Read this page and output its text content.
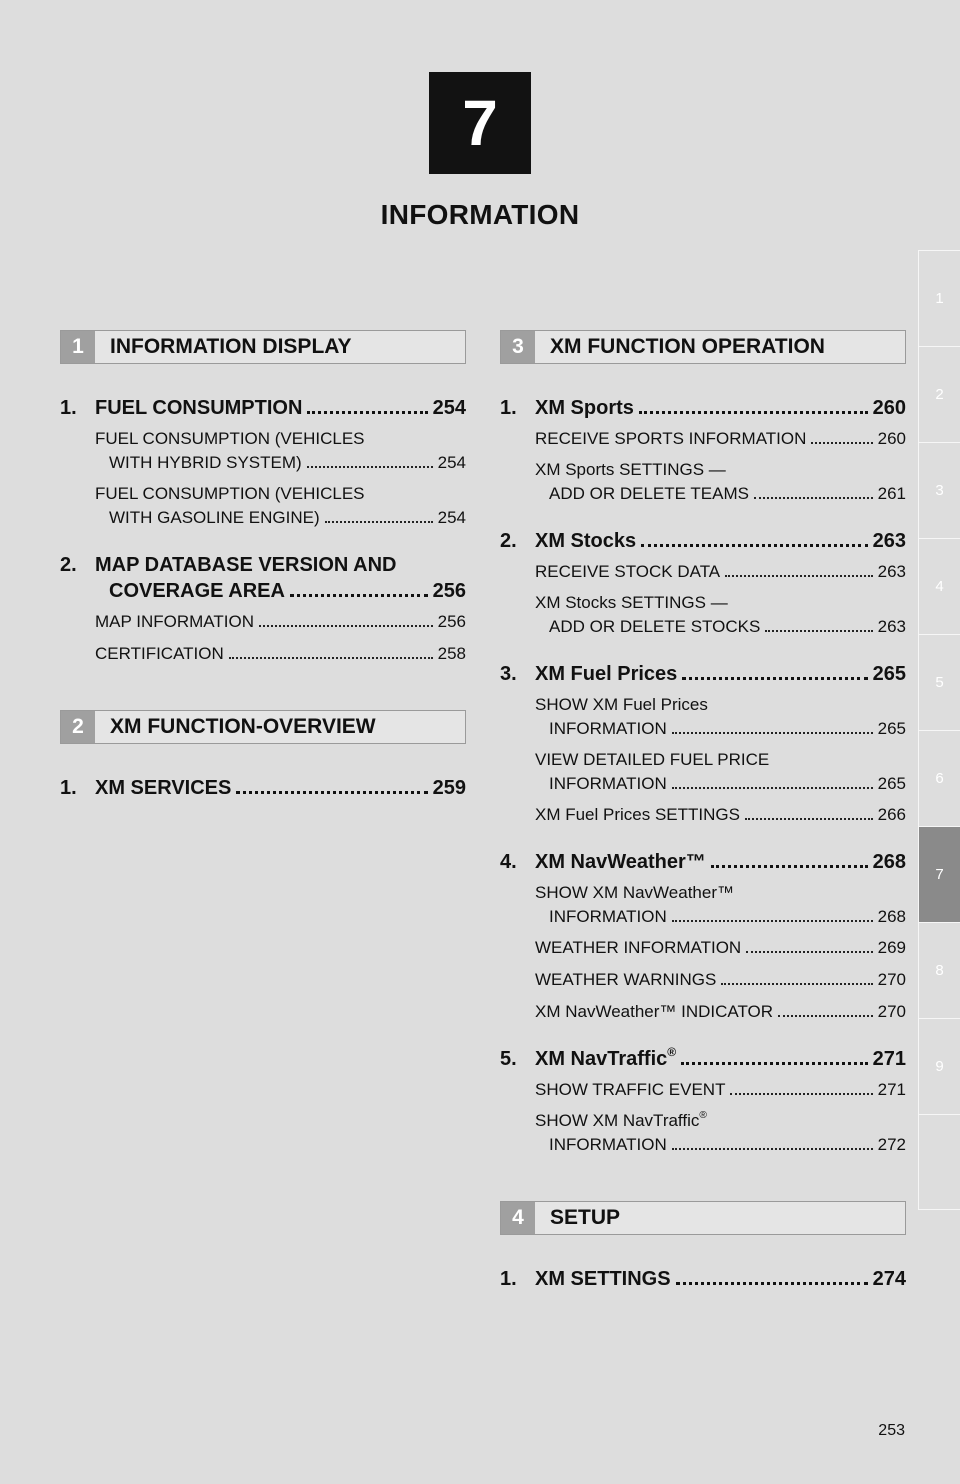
7
INFORMATION
1
2
3
4
5
6
7
8
9
1	INFORMATION DISPLAY
1. FUEL CONSUMPTION	254
FUEL CONSUMPTION (VEHICLES
WITH HYBRID SYSTEM)	254
FUEL CONSUMPTION (VEHICLES
WITH GASOLINE ENGINE)	254
2. MAP DATABASE VERSION AND
COVERAGE AREA	256
MAP INFORMATION	256
CERTIFICATION	258
2	XM FUNCTION-OVERVIEW
1. XM SERVICES	259
3	XM FUNCTION OPERATION
1. XM Sports	260
RECEIVE SPORTS INFORMATION	260
XM Sports SETTINGS —
ADD OR DELETE TEAMS	261
2. XM Stocks	263
RECEIVE STOCK DATA	263
XM Stocks SETTINGS —
ADD OR DELETE STOCKS	263
3. XM Fuel Prices	265
SHOW XM Fuel Prices
INFORMATION	265
VIEW DETAILED FUEL PRICE
INFORMATION	265
XM Fuel Prices SETTINGS	266
4. XM NavWeather™	268
SHOW XM NavWeather™
INFORMATION	268
WEATHER INFORMATION	269
WEATHER WARNINGS	270
XM NavWeather™ INDICATOR	270
5. XM NavTraffic®	271
SHOW TRAFFIC EVENT	271
SHOW XM NavTraffic®
INFORMATION	272
4	SETUP
1. XM SETTINGS	274
253
